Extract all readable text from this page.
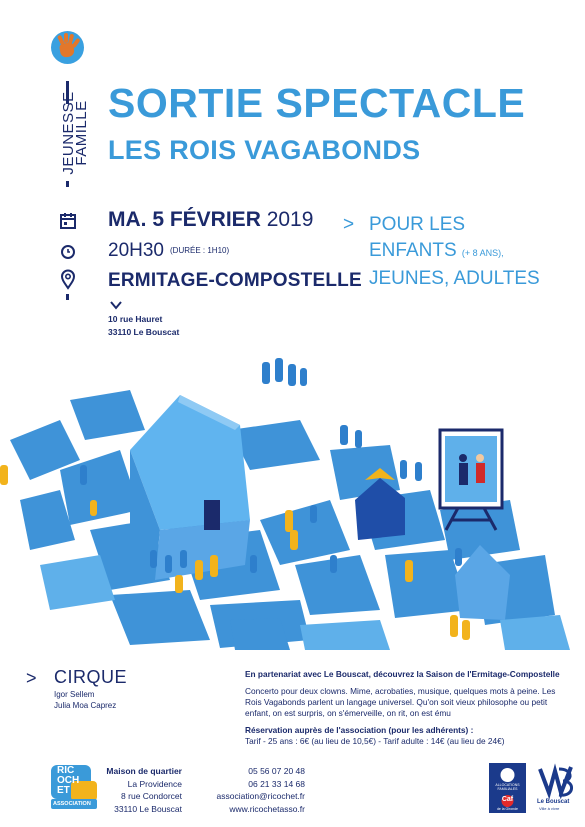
JEUNESSE
FAMILLE SORTIE SPECTACLE
LES ROIS VAGABONDS
MA. 5 FÉVRIER 2019
20H30 (DURÉE : 1H10)
ERMITAGE-COMPOSTELLE
10 rue Hauret
33110 Le Bouscat
> POUR LES
ENFANTS (+ 8 ANS),
JEUNES, ADULTES
> CIRQUE
Igor Sellem
Julia Moa Caprez

En partenariat avec Le Bouscat, découvrez la Saison de l'Ermitage-Compostelle

Concerto pour deux clowns. Mime, acrobaties, musique, quelques mots à peine. Les Rois Vagabonds parlent un langage universel. Qu'on soit vieux philosophe ou petit enfant, on est surpris, on s'émerveille, on rit, on est ému

Réservation auprès de l'association (pour les adhérents) :

Tarif - 25 ans : 6€ (au lieu de 10,5€) - Tarif adulte : 14€ (au lieu de 24€)

RIC
OCH
ET
ASSOCIATION
Maison de quartier
La Providence
8 rue Condorcet
33110 Le Bouscat
05 56 07 20 48
06 21 33 14 68
association@ricochet.fr
www.ricochetasso.fr
ALLOCATIONS
FAMILIALES
Caf
de la Gironde
Le Bouscat
Ville à vivre
